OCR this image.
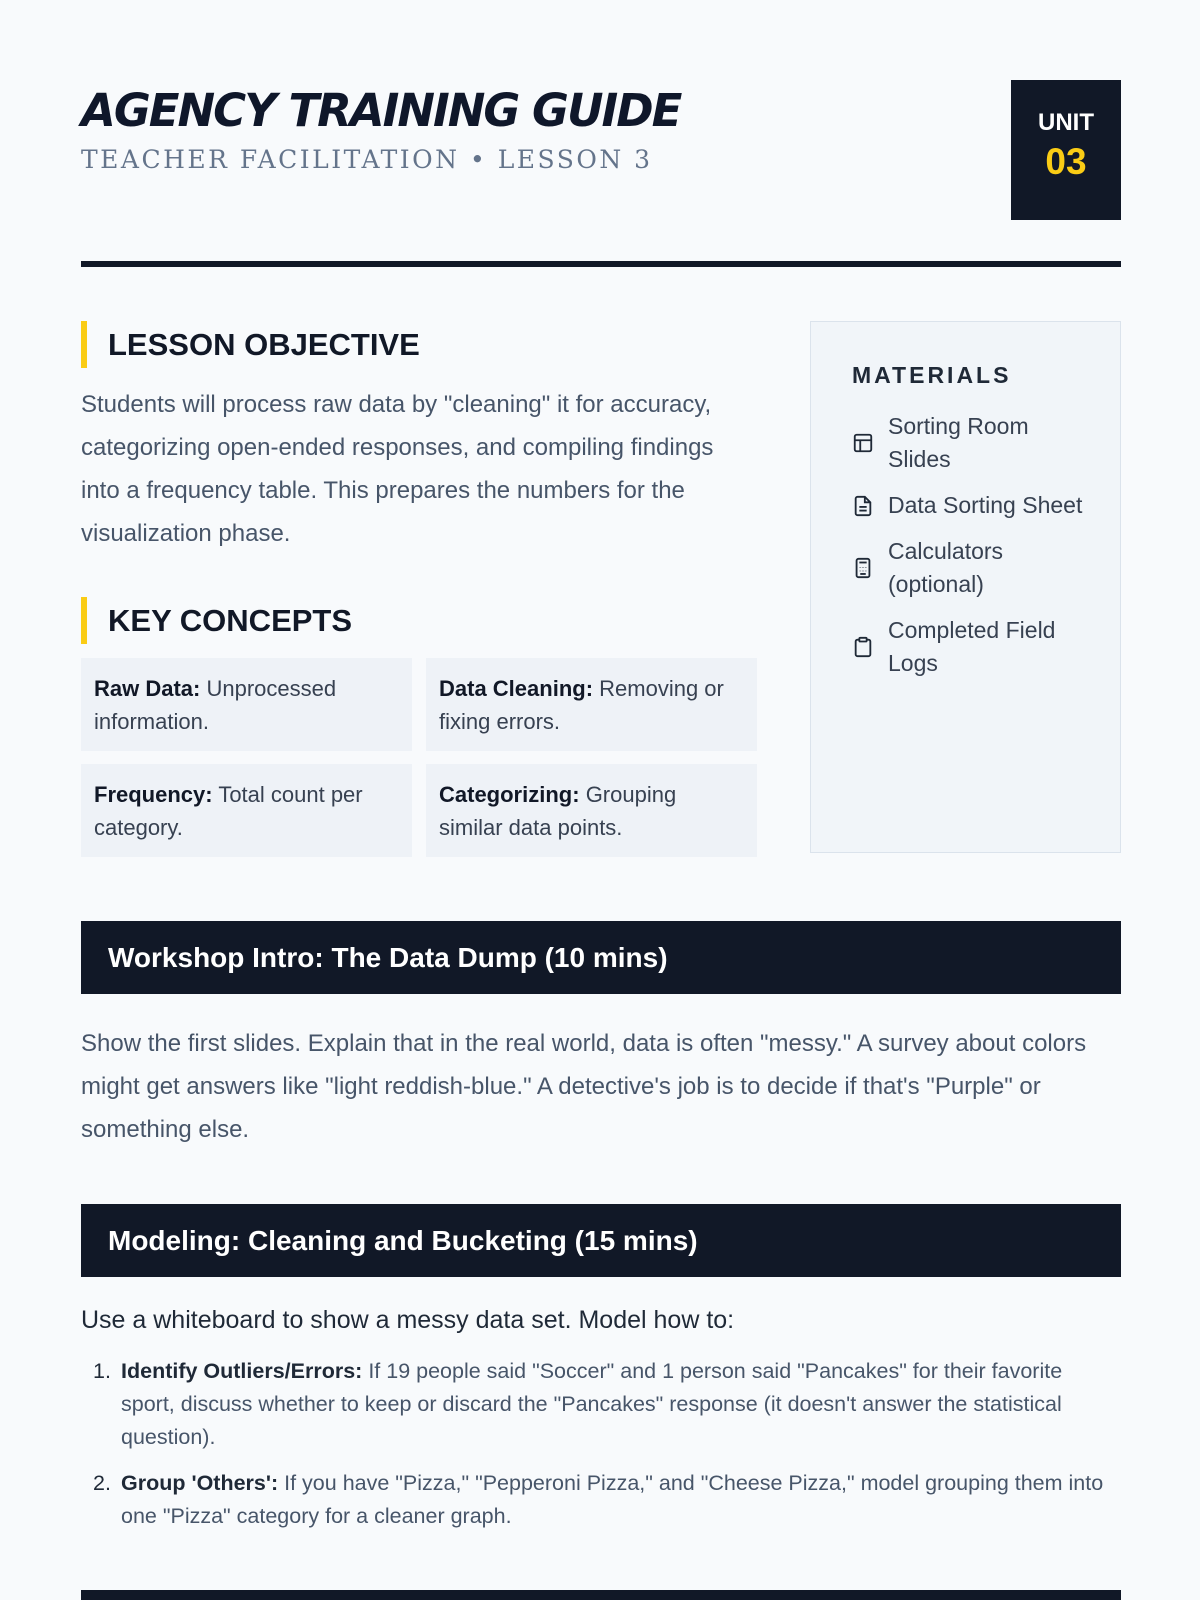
AGENCY TRAINING GUIDE
TEACHER FACILITATION • LESSON 3
UNIT
03
LESSON OBJECTIVE

Students will process raw data by "cleaning" it for accuracy, categorizing open-ended responses, and compiling findings into a frequency table. This prepares the numbers for the visualization phase.

KEY CONCEPTS
Raw Data: Unprocessed information.
Data Cleaning: Removing or fixing errors.
Frequency: Total count per category.
Categorizing: Grouping similar data points.
MATERIALS
Sorting Room Slides
Data Sorting Sheet
Calculators (optional)
Completed Field Logs
Workshop Intro: The Data Dump (10 mins)

Show the first slides. Explain that in the real world, data is often "messy." A survey about colors might get answers like "light reddish-blue." A detective's job is to decide if that's "Purple" or something else.

Modeling: Cleaning and Bucketing (15 mins)

Use a whiteboard to show a messy data set. Model how to:

1. Identify Outliers/Errors: If 19 people said "Soccer" and 1 person said "Pancakes" for their favorite sport, discuss whether to keep or discard the "Pancakes" response (it doesn't answer the statistical question).
2. Group 'Others': If you have "Pizza," "Pepperoni Pizza," and "Cheese Pizza," model grouping them into one "Pizza" category for a cleaner graph.
